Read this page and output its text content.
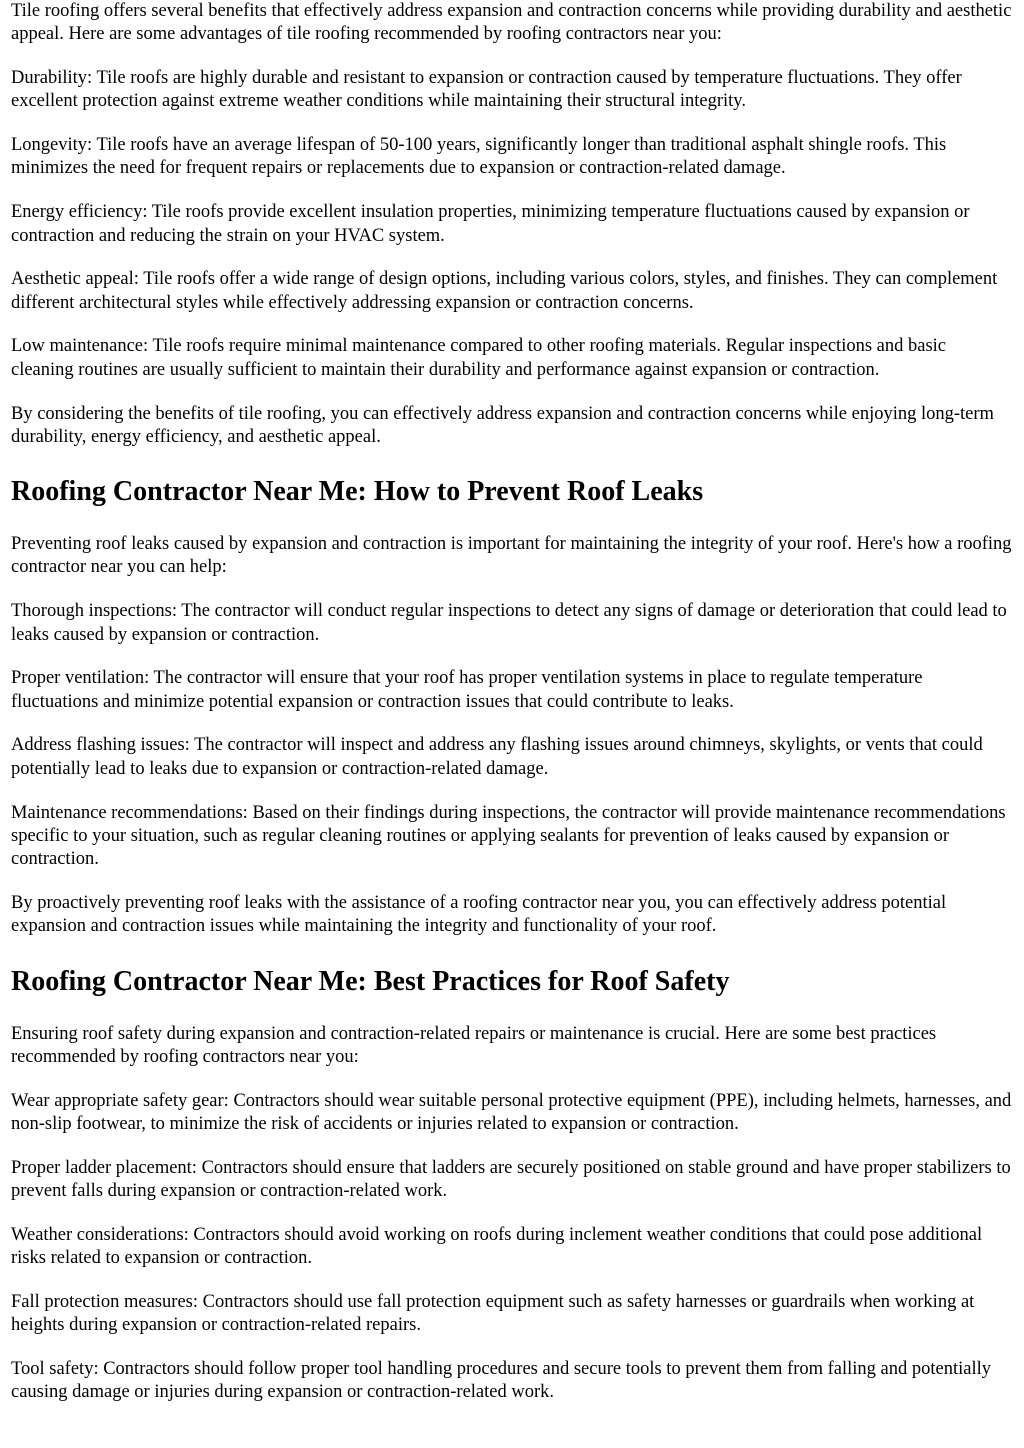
Tile roofing offers several benefits that effectively address expansion and contraction concerns while providing durability and aesthetic appeal. Here are some advantages of tile roofing recommended by roofing contractors near you:

Durability: Tile roofs are highly durable and resistant to expansion or contraction caused by temperature fluctuations. They offer excellent protection against extreme weather conditions while maintaining their structural integrity.

Longevity: Tile roofs have an average lifespan of 50-100 years, significantly longer than traditional asphalt shingle roofs. This minimizes the need for frequent repairs or replacements due to expansion or contraction-related damage.

Energy efficiency: Tile roofs provide excellent insulation properties, minimizing temperature fluctuations caused by expansion or contraction and reducing the strain on your HVAC system.

Aesthetic appeal: Tile roofs offer a wide range of design options, including various colors, styles, and finishes. They can complement different architectural styles while effectively addressing expansion or contraction concerns.

Low maintenance: Tile roofs require minimal maintenance compared to other roofing materials. Regular inspections and basic cleaning routines are usually sufficient to maintain their durability and performance against expansion or contraction.

By considering the benefits of tile roofing, you can effectively address expansion and contraction concerns while enjoying long-term durability, energy efficiency, and aesthetic appeal.

Roofing Contractor Near Me: How to Prevent Roof Leaks

Preventing roof leaks caused by expansion and contraction is important for maintaining the integrity of your roof. Here's how a roofing contractor near you can help:

Thorough inspections: The contractor will conduct regular inspections to detect any signs of damage or deterioration that could lead to leaks caused by expansion or contraction.

Proper ventilation: The contractor will ensure that your roof has proper ventilation systems in place to regulate temperature fluctuations and minimize potential expansion or contraction issues that could contribute to leaks.

Address flashing issues: The contractor will inspect and address any flashing issues around chimneys, skylights, or vents that could potentially lead to leaks due to expansion or contraction-related damage.

Maintenance recommendations: Based on their findings during inspections, the contractor will provide maintenance recommendations specific to your situation, such as regular cleaning routines or applying sealants for prevention of leaks caused by expansion or contraction.

By proactively preventing roof leaks with the assistance of a roofing contractor near you, you can effectively address potential expansion and contraction issues while maintaining the integrity and functionality of your roof.

Roofing Contractor Near Me: Best Practices for Roof Safety

Ensuring roof safety during expansion and contraction-related repairs or maintenance is crucial. Here are some best practices recommended by roofing contractors near you:

Wear appropriate safety gear: Contractors should wear suitable personal protective equipment (PPE), including helmets, harnesses, and non-slip footwear, to minimize the risk of accidents or injuries related to expansion or contraction.

Proper ladder placement: Contractors should ensure that ladders are securely positioned on stable ground and have proper stabilizers to prevent falls during expansion or contraction-related work.

Weather considerations: Contractors should avoid working on roofs during inclement weather conditions that could pose additional risks related to expansion or contraction.

Fall protection measures: Contractors should use fall protection equipment such as safety harnesses or guardrails when working at heights during expansion or contraction-related repairs.

Tool safety: Contractors should follow proper tool handling procedures and secure tools to prevent them from falling and potentially causing damage or injuries during expansion or contraction-related work.
